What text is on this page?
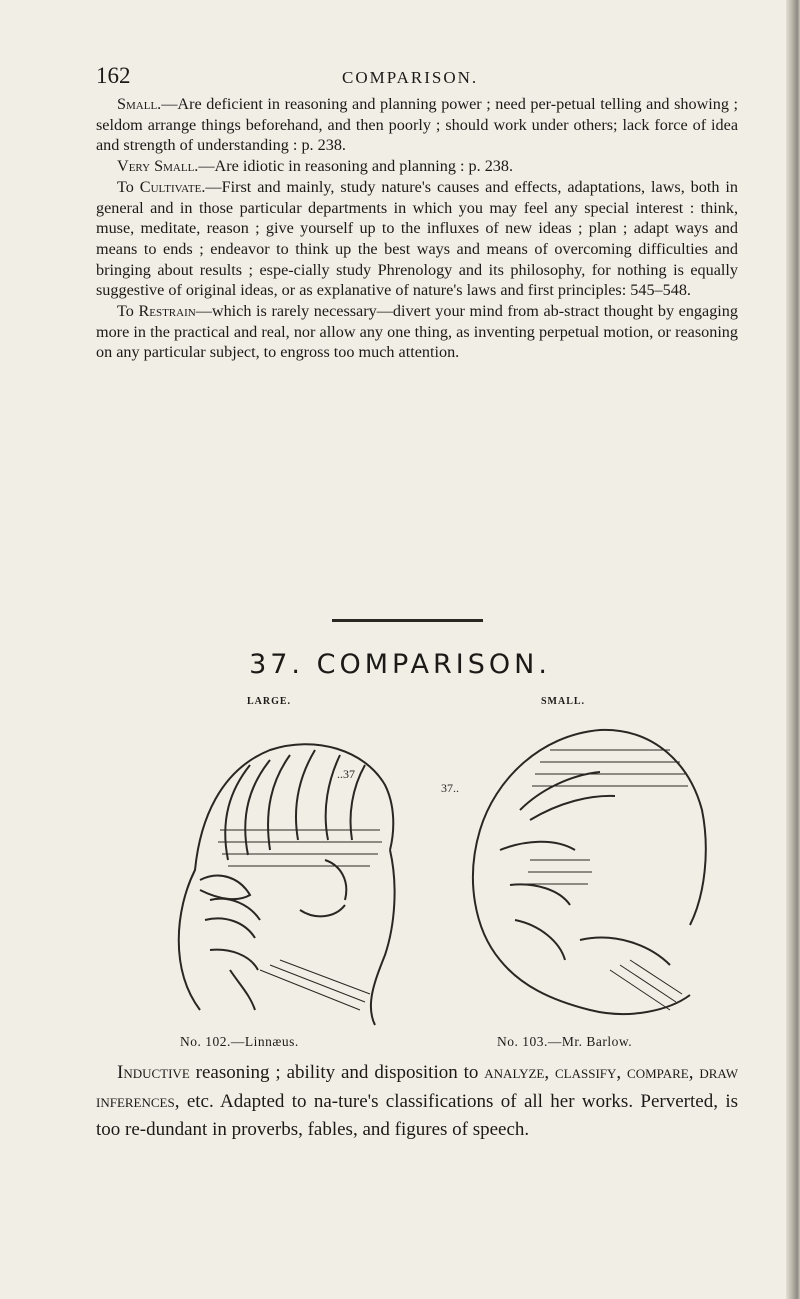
162	COMPARISON.

Small.—Are deficient in reasoning and planning power ; need per-petual telling and showing ; seldom arrange things beforehand, and then poorly ; should work under others; lack force of idea and strength of understanding : p. 238.

Very Small.—Are idiotic in reasoning and planning : p. 238.

To Cultivate.—First and mainly, study nature's causes and effects, adaptations, laws, both in general and in those particular departments in which you may feel any special interest : think, muse, meditate, reason ; give yourself up to the influxes of new ideas ; plan ; adapt ways and means to ends ; endeavor to think up the best ways and means of overcoming difficulties and bringing about results ; espe-cially study Phrenology and its philosophy, for nothing is equally suggestive of original ideas, or as explanative of nature's laws and first principles: 545–548.

To Restrain—which is rarely necessary—divert your mind from ab-stract thought by engaging more in the practical and real, nor allow any one thing, as inventing perpetual motion, or reasoning on any particular subject, to engross too much attention.

37. COMPARISON.
LARGE.	SMALL.
..37
37..
No. 102.—Linnæus.	No. 103.—Mr. Barlow.

Inductive reasoning ; ability and disposition to analyze, classify, compare, draw inferences, etc. Adapted to na-ture's classifications of all her works. Perverted, is too re-dundant in proverbs, fables, and figures of speech.
